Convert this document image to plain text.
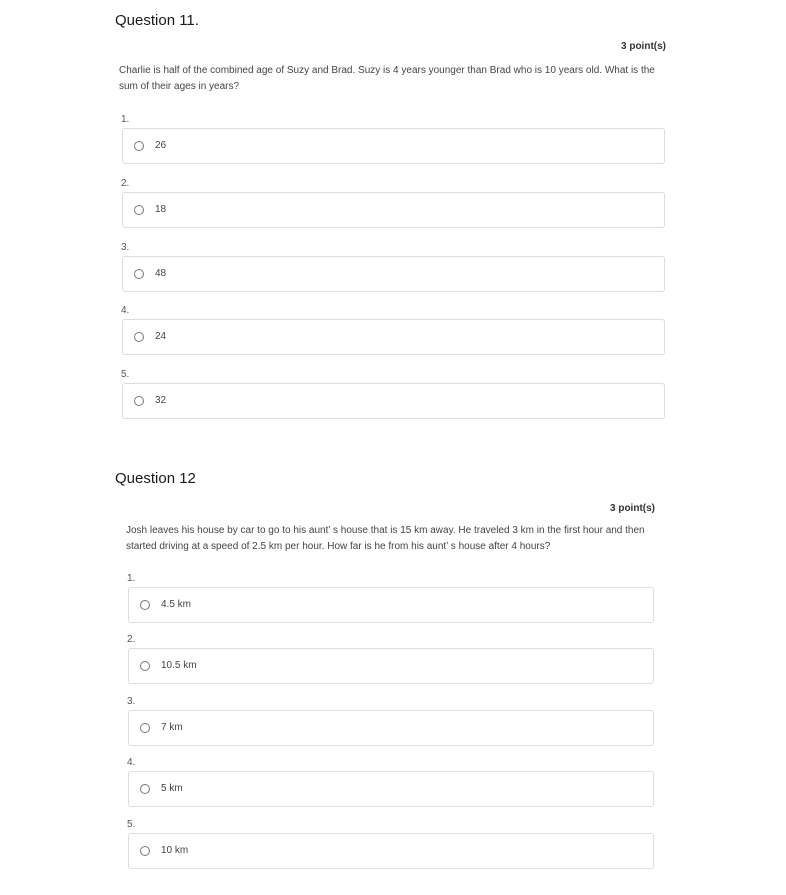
Question 11.
3 point(s)
Charlie is half of the combined age of Suzy and Brad. Suzy is 4 years younger than Brad who is 10 years old. What is the
sum of their ages in years?
1.
26
2.
18
3.
48
4.
24
5.
32
Question 12
3 point(s)
Josh leaves his house by car to go to his aunt’ s house that is 15 km away. He traveled 3 km in the first hour and then
started driving at a speed of 2.5 km per hour. How far is he from his aunt’ s house after 4 hours?
1.
4.5 km
2.
10.5 km
3.
7 km
4.
5 km
5.
10 km
